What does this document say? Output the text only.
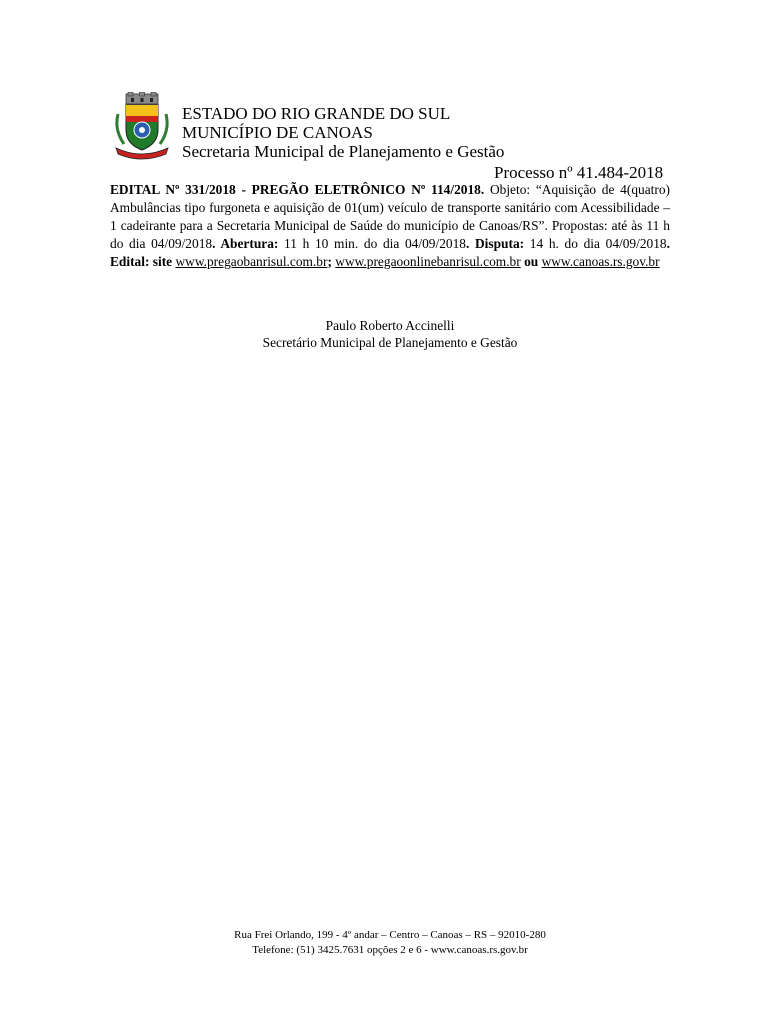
ESTADO DO RIO GRANDE DO SUL
MUNICÍPIO DE CANOAS
Secretaria Municipal de Planejamento e Gestão
Processo nº 41.484-2018
EDITAL Nº 331/2018 - PREGÃO ELETRÔNICO Nº 114/2018. Objeto: “Aquisição de 4(quatro) Ambulâncias tipo furgoneta e aquisição de 01(um) veículo de transporte sanitário com Acessibilidade – 1 cadeirante para a Secretaria Municipal de Saúde do município de Canoas/RS”. Propostas: até às 11 h do dia 04/09/2018. Abertura: 11 h 10 min. do dia 04/09/2018. Disputa: 14 h. do dia 04/09/2018. Edital: site www.pregaobanrisul.com.br; www.pregaoonlinebanrisul.com.br ou www.canoas.rs.gov.br
Paulo Roberto Accinelli
Secretário Municipal de Planejamento e Gestão
Rua Frei Orlando, 199 - 4º andar – Centro – Canoas – RS – 92010-280
Telefone: (51) 3425.7631 opções 2 e 6 - www.canoas.rs.gov.br
